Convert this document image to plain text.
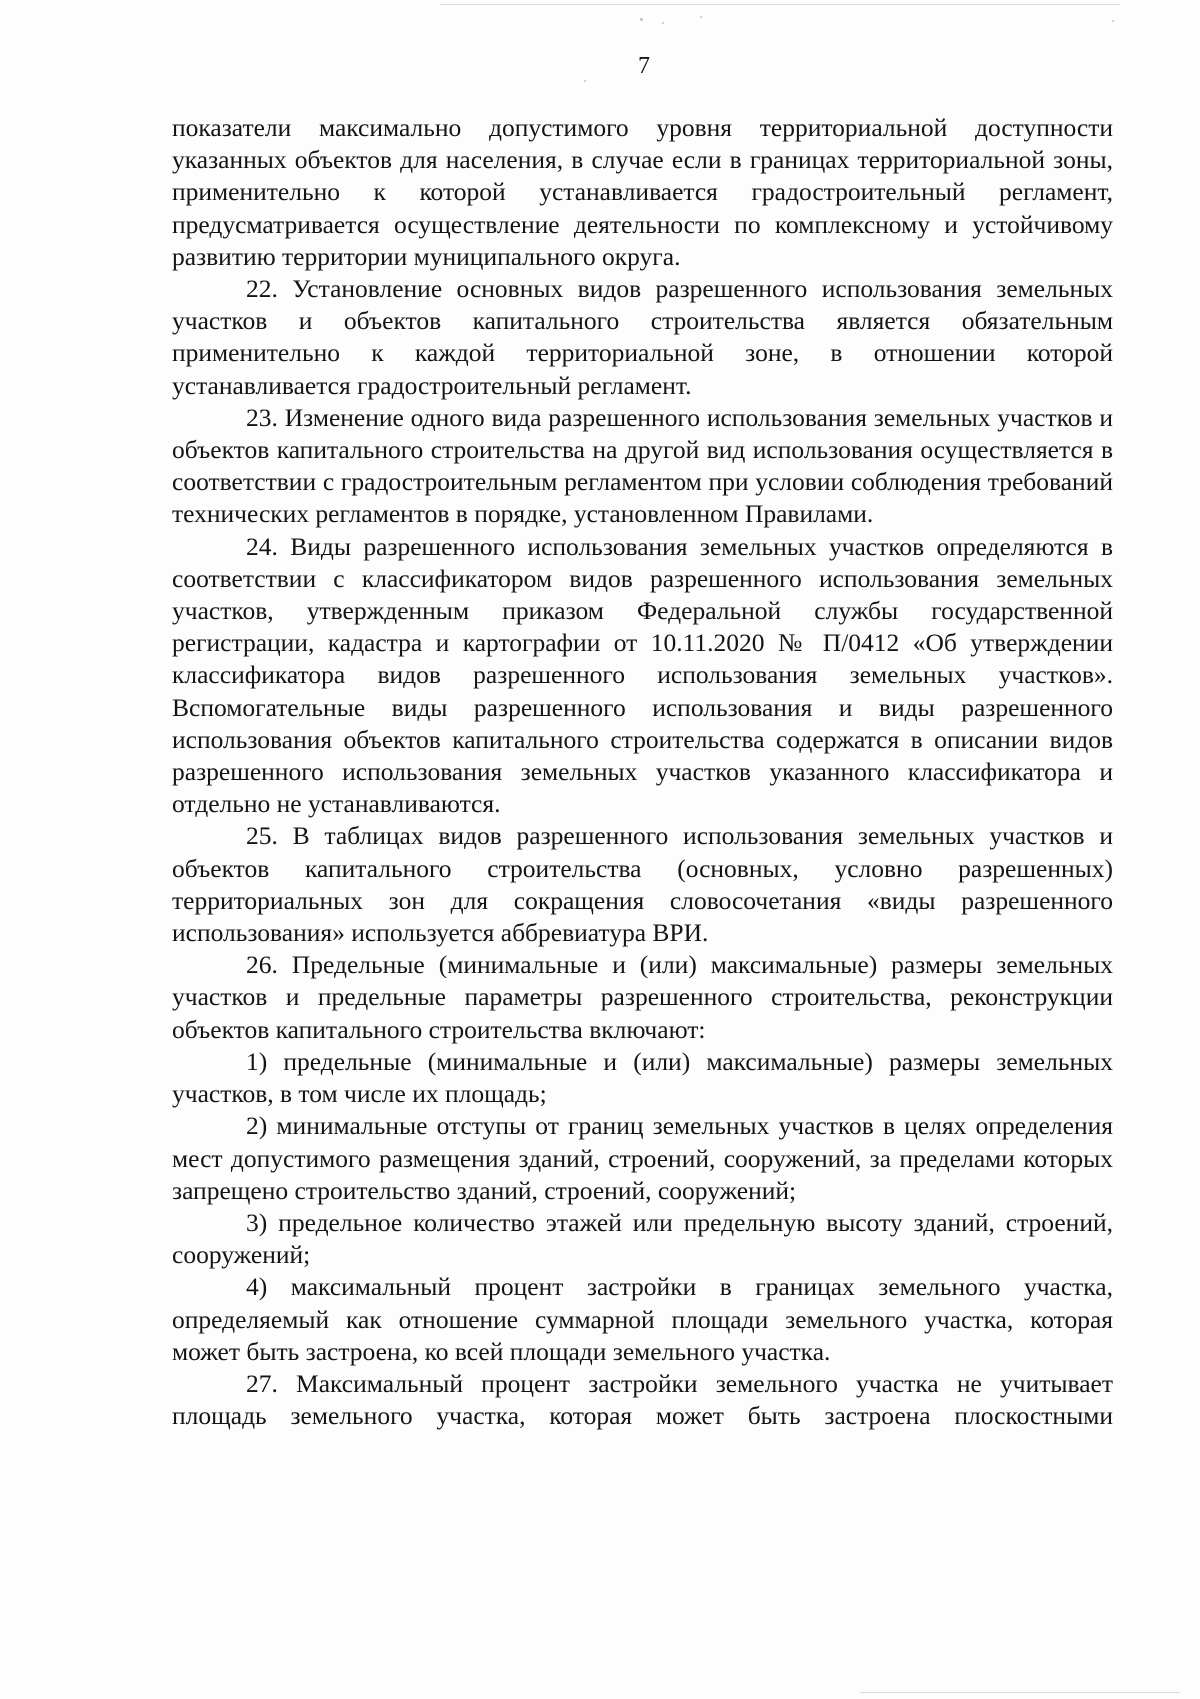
7

показатели максимально допустимого уровня территориальной доступности указанных объектов для населения, в случае если в границах территориальной зоны, применительно к которой устанавливается градостроительный регламент, предусматривается осуществление деятельности по комплексному и устойчивому развитию территории муниципального округа.

22. Установление основных видов разрешенного использования земельных участков и объектов капитального строительства является обязательным применительно к каждой территориальной зоне, в отношении которой устанавливается градостроительный регламент.

23. Изменение одного вида разрешенного использования земельных участков и объектов капитального строительства на другой вид использования осуществляется в соответствии с градостроительным регламентом при условии соблюдения требований технических регламентов в порядке, установленном Правилами.

24. Виды разрешенного использования земельных участков определяются в соответствии с классификатором видов разрешенного использования земельных участков, утвержденным приказом Федеральной службы государственной регистрации, кадастра и картографии от 10.11.2020 № П/0412 «Об утверждении классификатора видов разрешенного использования земельных участков». Вспомогательные виды разрешенного использования и виды разрешенного использования объектов капитального строительства содержатся в описании видов разрешенного использования земельных участков указанного классификатора и отдельно не устанавливаются.

25. В таблицах видов разрешенного использования земельных участков и объектов капитального строительства (основных, условно разрешенных) территориальных зон для сокращения словосочетания «виды разрешенного использования» используется аббревиатура ВРИ.

26. Предельные (минимальные и (или) максимальные) размеры земельных участков и предельные параметры разрешенного строительства, реконструкции объектов капитального строительства включают:

1) предельные (минимальные и (или) максимальные) размеры земельных участков, в том числе их площадь;

2) минимальные отступы от границ земельных участков в целях определения мест допустимого размещения зданий, строений, сооружений, за пределами которых запрещено строительство зданий, строений, сооружений;

3) предельное количество этажей или предельную высоту зданий, строений, сооружений;

4) максимальный процент застройки в границах земельного участка, определяемый как отношение суммарной площади земельного участка, которая может быть застроена, ко всей площади земельного участка.

27. Максимальный процент застройки земельного участка не учитывает площадь земельного участка, которая может быть застроена плоскостными
